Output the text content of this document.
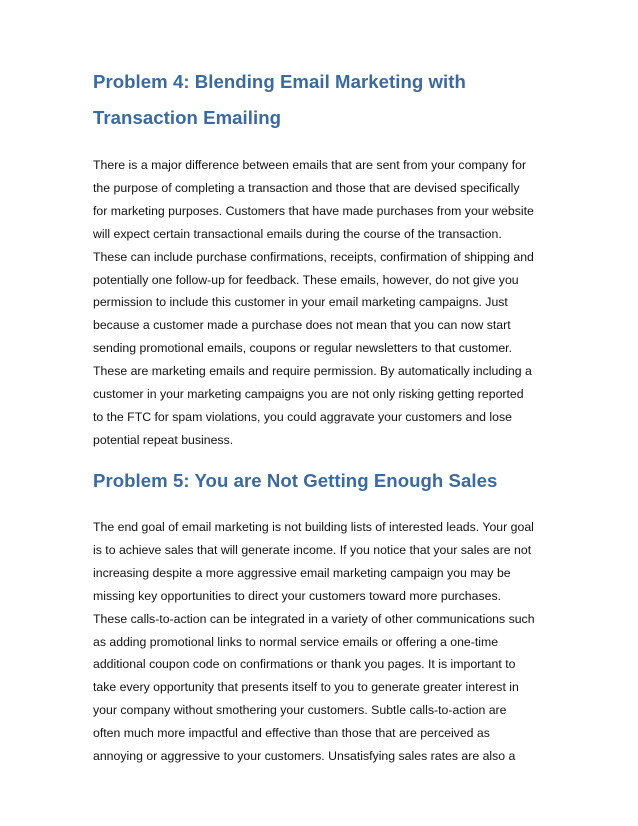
Problem 4: Blending Email Marketing with
Transaction Emailing

There is a major difference between emails that are sent from your company for
the purpose of completing a transaction and those that are devised specifically
for marketing purposes. Customers that have made purchases from your website
will expect certain transactional emails during the course of the transaction.
These can include purchase confirmations, receipts, confirmation of shipping and
potentially one follow-up for feedback. These emails, however, do not give you
permission to include this customer in your email marketing campaigns. Just
because a customer made a purchase does not mean that you can now start
sending promotional emails, coupons or regular newsletters to that customer.
These are marketing emails and require permission. By automatically including a
customer in your marketing campaigns you are not only risking getting reported
to the FTC for spam violations, you could aggravate your customers and lose
potential repeat business.

Problem 5: You are Not Getting Enough Sales

The end goal of email marketing is not building lists of interested leads. Your goal
is to achieve sales that will generate income. If you notice that your sales are not
increasing despite a more aggressive email marketing campaign you may be
missing key opportunities to direct your customers toward more purchases.
These calls-to-action can be integrated in a variety of other communications such
as adding promotional links to normal service emails or offering a one-time
additional coupon code on confirmations or thank you pages. It is important to
take every opportunity that presents itself to you to generate greater interest in
your company without smothering your customers. Subtle calls-to-action are
often much more impactful and effective than those that are perceived as
annoying or aggressive to your customers. Unsatisfying sales rates are also a
